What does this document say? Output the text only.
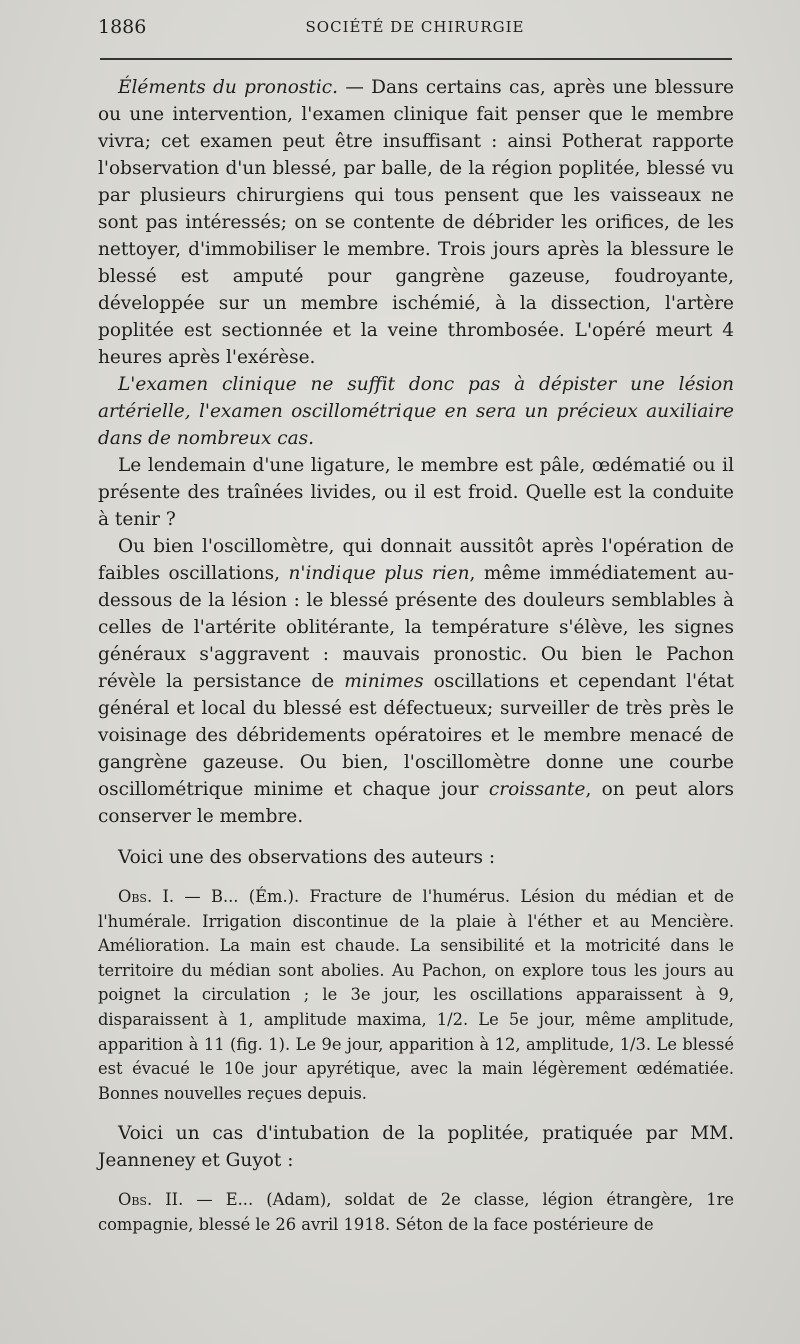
1886	SOCIÉTÉ DE CHIRURGIE

Éléments du pronostic. — Dans certains cas, après une blessure ou une intervention, l'examen clinique fait penser que le membre vivra; cet examen peut être insuffisant : ainsi Potherat rapporte l'observation d'un blessé, par balle, de la région poplitée, blessé vu par plusieurs chirurgiens qui tous pensent que les vaisseaux ne sont pas intéressés; on se contente de débrider les orifices, de les nettoyer, d'immobiliser le membre. Trois jours après la blessure le blessé est amputé pour gangrène gazeuse, foudroyante, développée sur un membre ischémié, à la dissection, l'artère poplitée est sectionnée et la veine thrombosée. L'opéré meurt 4 heures après l'exérèse.

L'examen clinique ne suffit donc pas à dépister une lésion artérielle, l'examen oscillométrique en sera un précieux auxiliaire dans de nombreux cas.

Le lendemain d'une ligature, le membre est pâle, œdématié ou il présente des traînées livides, ou il est froid. Quelle est la conduite à tenir ?

Ou bien l'oscillomètre, qui donnait aussitôt après l'opération de faibles oscillations, n'indique plus rien, même immédiatement au-dessous de la lésion : le blessé présente des douleurs semblables à celles de l'artérite oblitérante, la température s'élève, les signes généraux s'aggravent : mauvais pronostic. Ou bien le Pachon révèle la persistance de minimes oscillations et cependant l'état général et local du blessé est défectueux; surveiller de très près le voisinage des débridements opératoires et le membre menacé de gangrène gazeuse. Ou bien, l'oscillomètre donne une courbe oscillométrique minime et chaque jour croissante, on peut alors conserver le membre.

Voici une des observations des auteurs :

Obs. I. — B... (Ém.). Fracture de l'humérus. Lésion du médian et de l'humérale. Irrigation discontinue de la plaie à l'éther et au Mencière. Amélioration. La main est chaude. La sensibilité et la motricité dans le territoire du médian sont abolies. Au Pachon, on explore tous les jours au poignet la circulation ; le 3e jour, les oscillations apparaissent à 9, disparaissent à 1, amplitude maxima, 1/2. Le 5e jour, même amplitude, apparition à 11 (fig. 1). Le 9e jour, apparition à 12, amplitude, 1/3. Le blessé est évacué le 10e jour apyrétique, avec la main légèrement œdématiée. Bonnes nouvelles reçues depuis.

Voici un cas d'intubation de la poplitée, pratiquée par MM. Jeanneney et Guyot :

Obs. II. — E... (Adam), soldat de 2e classe, légion étrangère, 1re compagnie, blessé le 26 avril 1918. Séton de la face postérieure de
